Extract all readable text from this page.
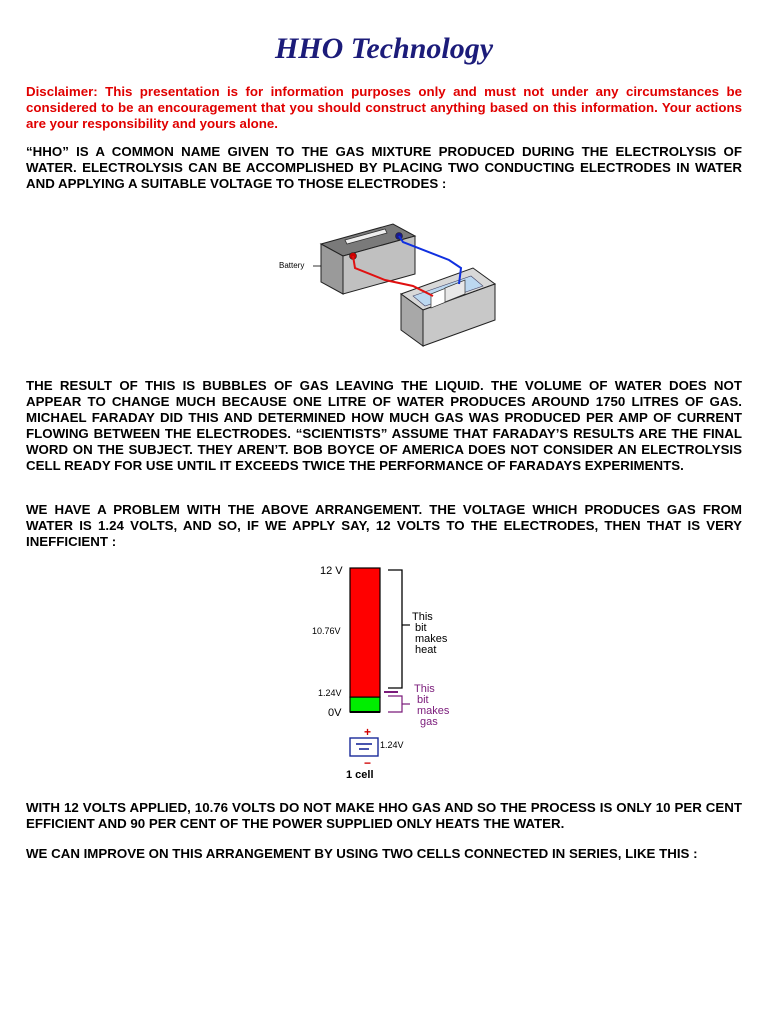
HHO Technology

Disclaimer: This presentation is for information purposes only and must not under any circumstances be considered to be an encouragement that you should construct anything based on this information. Your actions are your responsibility and yours alone.

“HHO” IS A COMMON NAME GIVEN TO THE GAS MIXTURE PRODUCED DURING THE ELECTROLYSIS OF WATER. ELECTROLYSIS CAN BE ACCOMPLISHED BY PLACING TWO CONDUCTING ELECTRODES IN WATER AND APPLYING A SUITABLE VOLTAGE TO THOSE ELECTRODES :

Battery

THE RESULT OF THIS IS BUBBLES OF GAS LEAVING THE LIQUID. THE VOLUME OF WATER DOES NOT APPEAR TO CHANGE MUCH BECAUSE ONE LITRE OF WATER PRODUCES AROUND 1750 LITRES OF GAS. MICHAEL FARADAY DID THIS AND DETERMINED HOW MUCH GAS WAS PRODUCED PER AMP OF CURRENT FLOWING BETWEEN THE ELECTRODES. “SCIENTISTS” ASSUME THAT FARADAY’S RESULTS ARE THE FINAL WORD ON THE SUBJECT. THEY AREN’T. BOB BOYCE OF AMERICA DOES NOT CONSIDER AN ELECTROLYSIS CELL READY FOR USE UNTIL IT EXCEEDS TWICE THE PERFORMANCE OF FARADAYS EXPERIMENTS.

WE HAVE A PROBLEM WITH THE ABOVE ARRANGEMENT. THE VOLTAGE WHICH PRODUCES GAS FROM WATER IS 1.24 VOLTS, AND SO, IF WE APPLY SAY, 12 VOLTS TO THE ELECTRODES, THEN THAT IS VERY INEFFICIENT :

12 V
10.76V
1.24V
0V
This
bit
makes
heat
This
bit
makes
gas
+
−
1.24V
1 cell

WITH 12 VOLTS APPLIED, 10.76 VOLTS DO NOT MAKE HHO GAS AND SO THE PROCESS IS ONLY 10 PER CENT EFFICIENT AND 90 PER CENT OF THE POWER SUPPLIED ONLY HEATS THE WATER.

WE CAN IMPROVE ON THIS ARRANGEMENT BY USING TWO CELLS CONNECTED IN SERIES, LIKE THIS :
